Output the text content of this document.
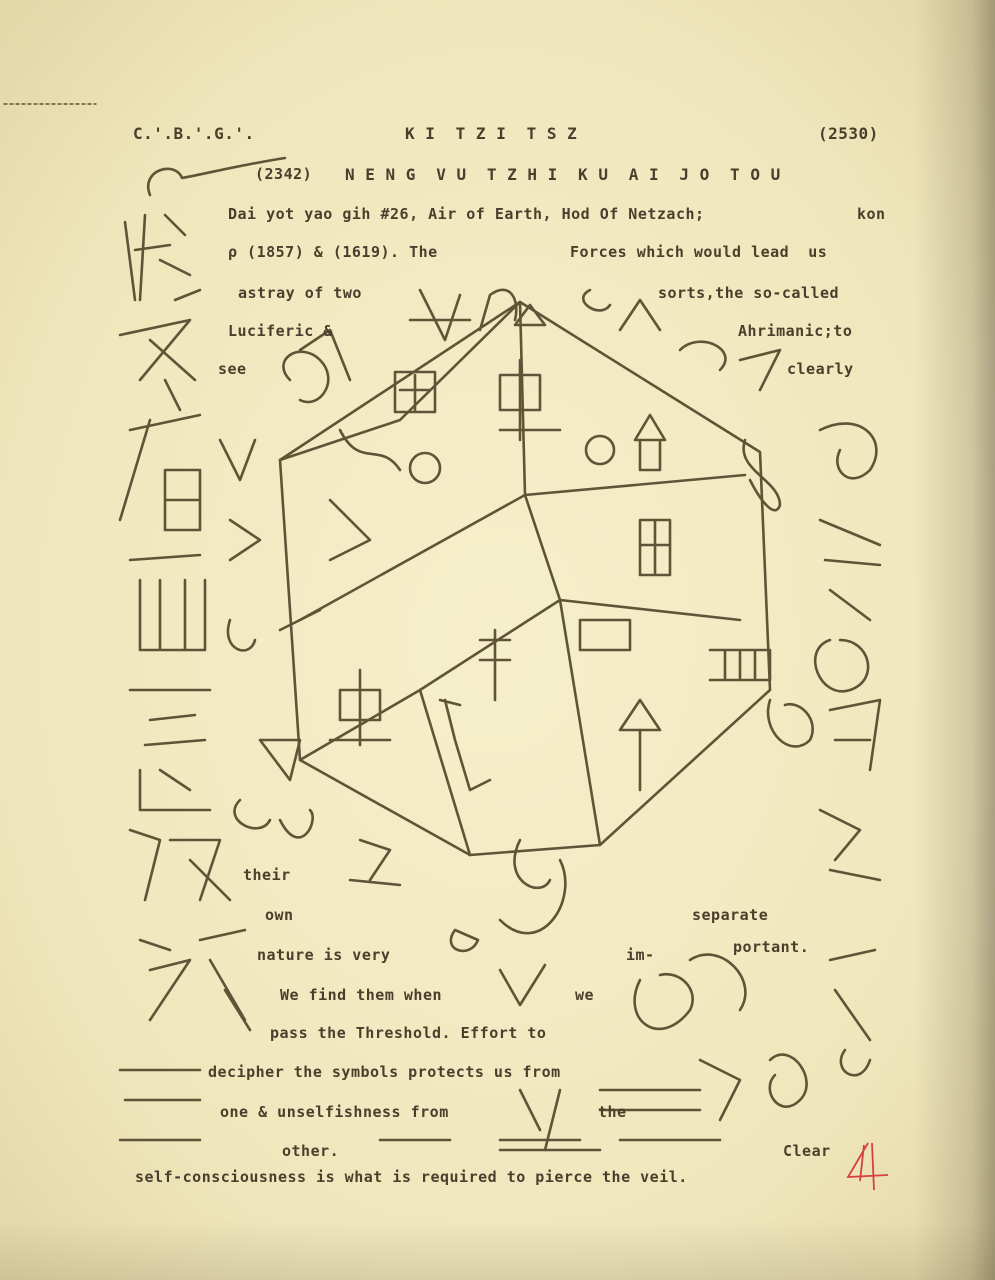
C.'.B.'.G.'.	K I  T Z I  T S Z	(2530)
(2342) N E N G  V U  T Z H I  K U  A I  J O  T O U
Dai yot yao gih #26, Air of Earth, Hod Of Netzach;	kon
ρ (1857) & (1619). The	Forces which would lead  us
astray of two	sorts,the so-called
Luciferic &	Ahrimanic;to
see	clearly
their
own	separate
nature is very	im-	portant.
We find them when	we
pass the Threshold. Effort to
decipher the symbols protects us from
one & unselfishness from	the
other.	Clear
self-consciousness is what is required to pierce the veil.
